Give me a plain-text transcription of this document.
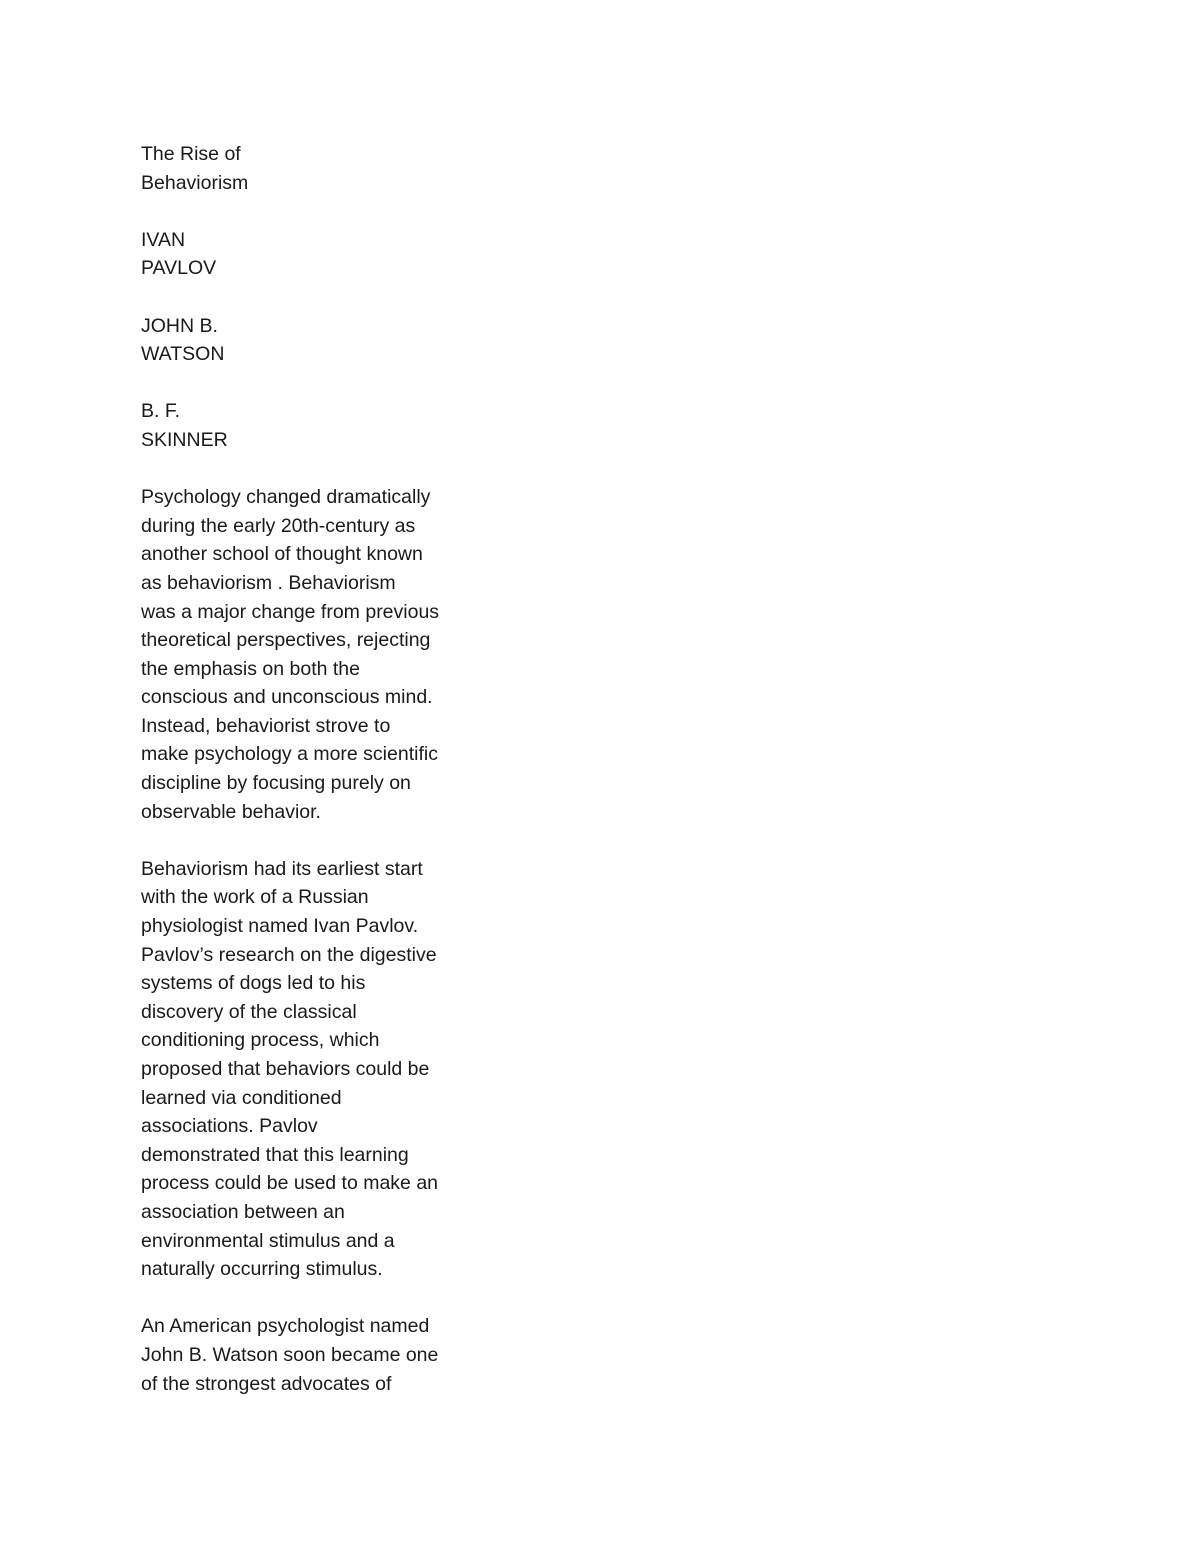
The Rise of
Behaviorism
IVAN
PAVLOV
JOHN B.
WATSON
B. F.
SKINNER
Psychology changed dramatically
during the early 20th-century as
another school of thought known
as behaviorism . Behaviorism
was a major change from previous
theoretical perspectives, rejecting
the emphasis on both the
conscious and unconscious mind.
Instead, behaviorist strove to
make psychology a more scientific
discipline by focusing purely on
observable behavior.
Behaviorism had its earliest start
with the work of a Russian
physiologist named Ivan Pavlov.
Pavlov’s research on the digestive
systems of dogs led to his
discovery of the classical
conditioning process, which
proposed that behaviors could be
learned via conditioned
associations. Pavlov
demonstrated that this learning
process could be used to make an
association between an
environmental stimulus and a
naturally occurring stimulus.
An American psychologist named
John B. Watson soon became one
of the strongest advocates of
